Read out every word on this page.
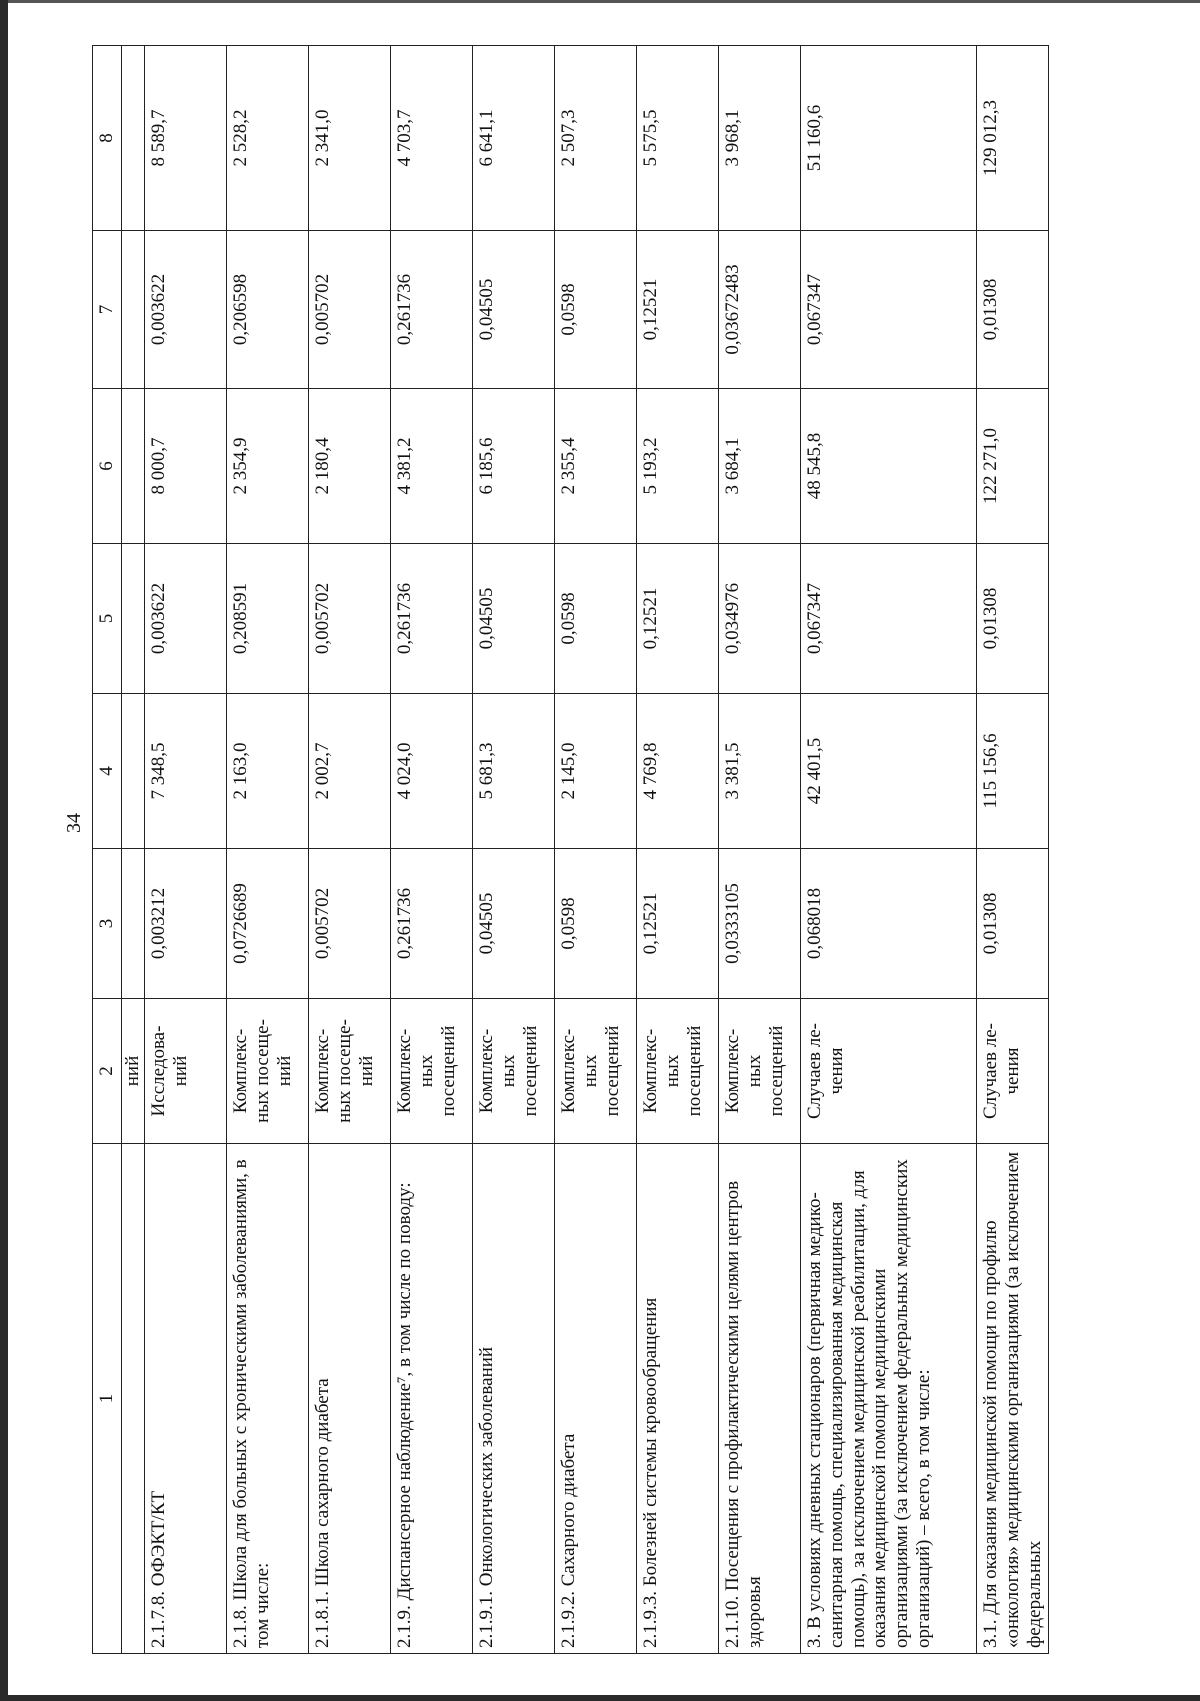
34
1	2	3	4	5	6	7	8
	ний						
2.1.7.8. ОФЭКТ/КТ	Исследова-
ний	0,003212	7 348,5	0,003622	8 000,7	0,003622	8 589,7
2.1.8. Школа для больных с хроническими заболеваниями, в том числе:	Комплекс-
ных посеще-
ний	0,0726689	2 163,0	0,208591	2 354,9	0,206598	2 528,2
2.1.8.1. Школа сахарного диабета	Комплекс-
ных посеще-
ний	0,005702	2 002,7	0,005702	2 180,4	0,005702	2 341,0
2.1.9. Диспансерное наблюдение⁷, в том числе по поводу:	Комплекс-
ных
посещений	0,261736	4 024,0	0,261736	4 381,2	0,261736	4 703,7
2.1.9.1. Онкологических заболеваний	Комплекс-
ных
посещений	0,04505	5 681,3	0,04505	6 185,6	0,04505	6 641,1
2.1.9.2. Сахарного диабета	Комплекс-
ных
посещений	0,0598	2 145,0	0,0598	2 355,4	0,0598	2 507,3
2.1.9.3. Болезней системы кровообращения	Комплекс-
ных
посещений	0,12521	4 769,8	0,12521	5 193,2	0,12521	5 575,5
2.1.10. Посещения с профилактическими целями центров здоровья	Комплекс-
ных
посещений	0,0333105	3 381,5	0,034976	3 684,1	0,03672483	3 968,1
3. В условиях дневных стационаров (первичная медико-санитарная помощь, специализированная медицинская помощь), за исключением медицинской реабилитации, для оказания медицинской помощи медицинскими организациями (за исключением федеральных медицинских организаций) – всего, в том числе:	Случаев ле-
чения	0,068018	42 401,5	0,067347	48 545,8	0,067347	51 160,6
3.1. Для оказания медицинской помощи по профилю «онкология» медицинскими организациями (за исключением федеральных	Случаев ле-
чения	0,01308	115 156,6	0,01308	122 271,0	0,01308	129 012,3
